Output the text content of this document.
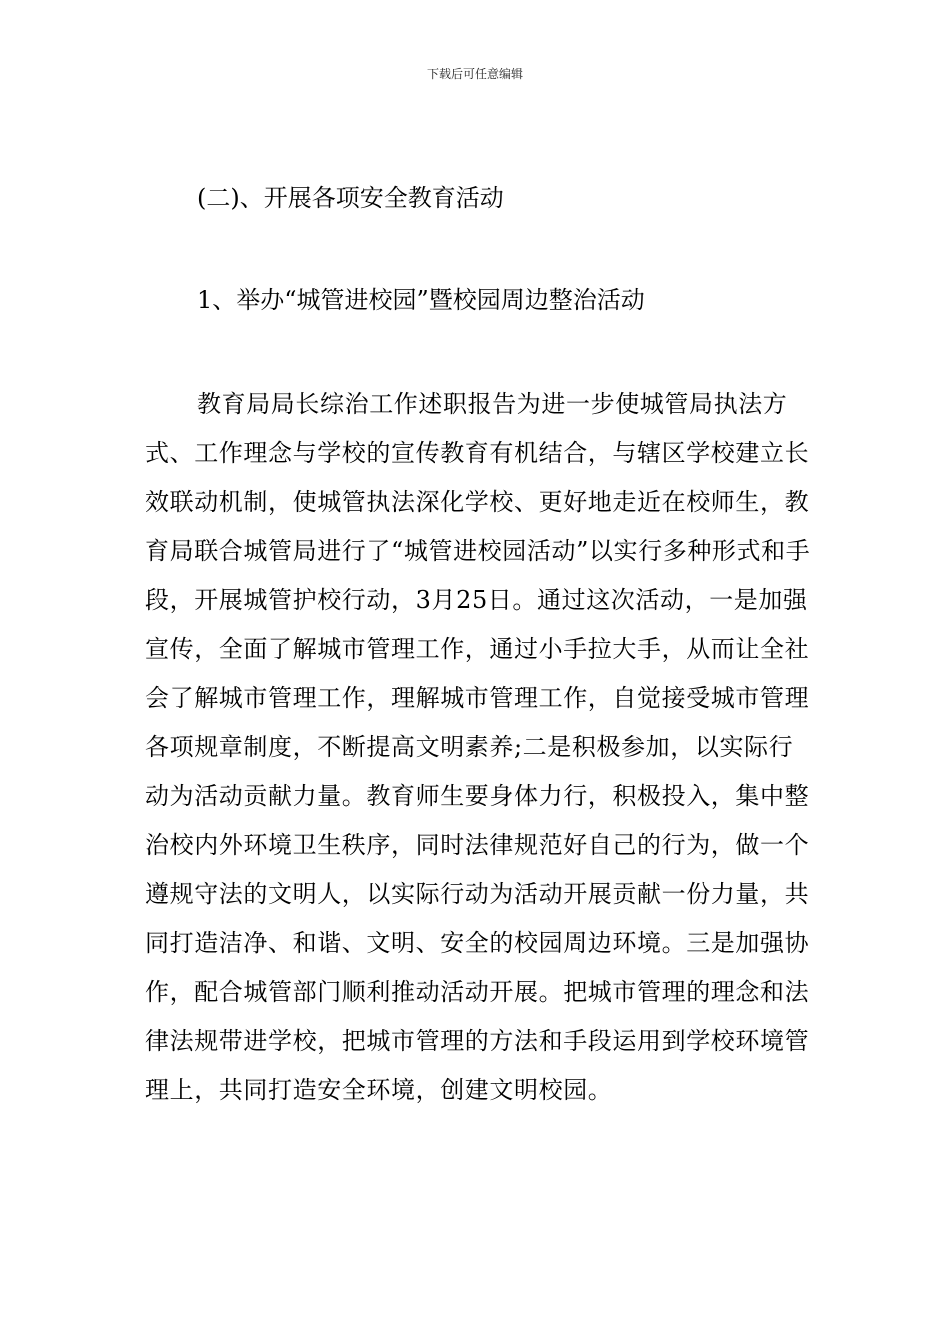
下载后可任意编辑
(二)、开展各项安全教育活动
1、举办“城管进校园”暨校园周边整治活动

教育局局长综治工作述职报告为进一步使城管局执法方式、工作理念与学校的宣传教育有机结合，与辖区学校建立长效联动机制，使城管执法深化学校、更好地走近在校师生，教育局联合城管局进行了“城管进校园活动”以实行多种形式和手段，开展城管护校行动，3月25日。通过这次活动，一是加强宣传，全面了解城市管理工作，通过小手拉大手，从而让全社会了解城市管理工作，理解城市管理工作，自觉接受城市管理各项规章制度，不断提高文明素养;二是积极参加，以实际行动为活动贡献力量。教育师生要身体力行，积极投入，集中整治校内外环境卫生秩序，同时法律规范好自己的行为，做一个遵规守法的文明人，以实际行动为活动开展贡献一份力量，共同打造洁净、和谐、文明、安全的校园周边环境。三是加强协作，配合城管部门顺利推动活动开展。把城市管理的理念和法律法规带进学校，把城市管理的方法和手段运用到学校环境管理上，共同打造安全环境，创建文明校园。
